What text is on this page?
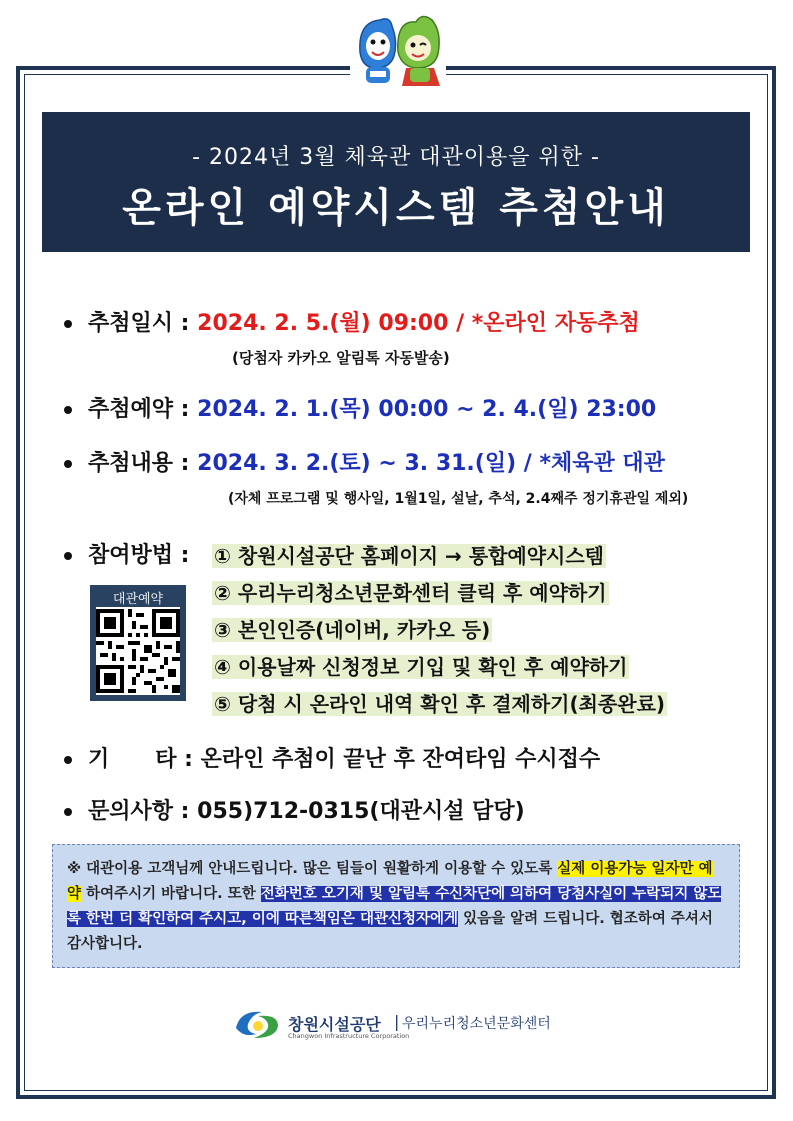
- 2024년 3월 체육관 대관이용을 위한 -
온라인 예약시스템 추첨안내
추첨일시 : 2024. 2. 5.(월) 09:00 / *온라인 자동추첨
(당첨자 카카오 알림톡 자동발송)
추첨예약 : 2024. 2. 1.(목) 00:00 ~ 2. 4.(일) 23:00
추첨내용 : 2024. 3. 2.(토) ~ 3. 31.(일) / *체육관 대관
(자체 프로그램 및 행사일, 1월1일, 설날, 추석, 2.4째주 정기휴관일 제외)
참여방법 : ① 창원시설공단 홈페이지 → 통합예약시스템
② 우리누리청소년문화센터 클릭 후 예약하기
③ 본인인증(네이버, 카카오 등)
④ 이용날짜 신청정보 기입 및 확인 후 예약하기
⑤ 당첨 시 온라인 내역 확인 후 결제하기(최종완료)
대관예약
기      타 : 온라인 추첨이 끝난 후 잔여타임 수시접수
문의사항 : 055)712-0315(대관시설 담당)
※ 대관이용 고객님께 안내드립니다. 많은 팀들이 원활하게 이용할 수 있도록 실제 이용가능 일자만 예약 하여주시기 바랍니다. 또한 전화번호 오기재 및 알림톡 수신차단에 의하여 당첨사실이 누락되지 않도록 한번 더 확인하여 주시고, 이에 따른책임은 대관신청자에게 있음을 알려 드립니다. 협조하여 주셔서 감사합니다.
창원시설공단
Changwon Infrastructure Corporation
| 우리누리청소년문화센터
